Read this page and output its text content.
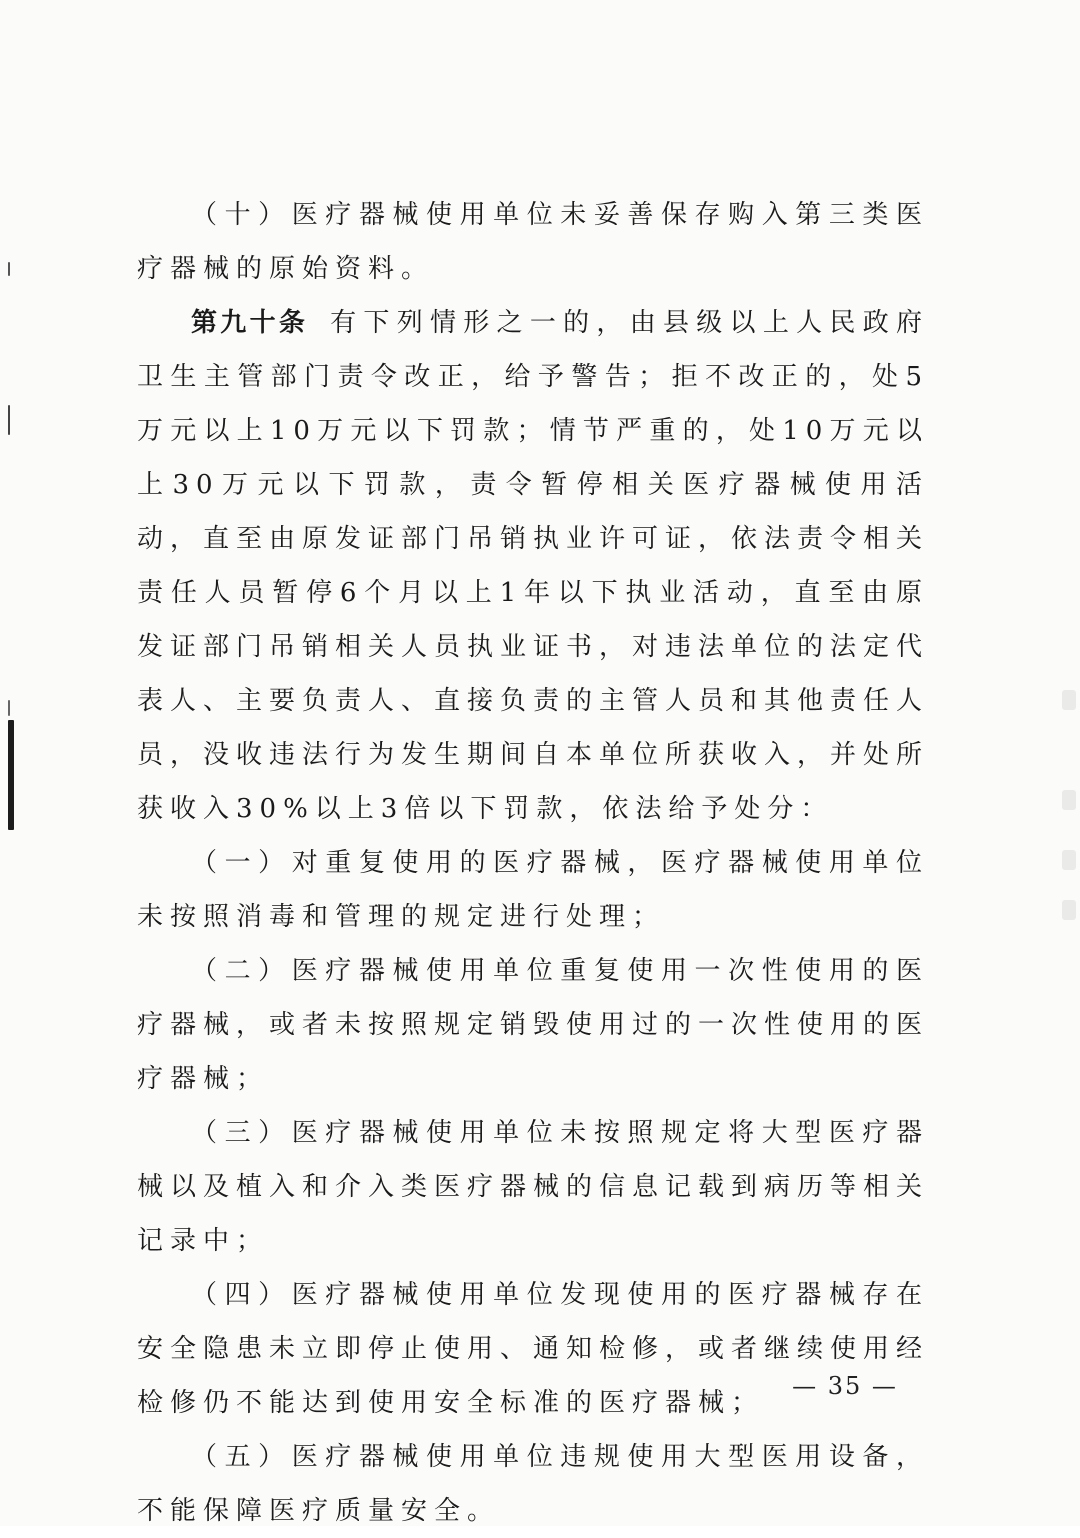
（十）医疗器械使用单位未妥善保存购入第三类医疗器械的原始资料。

第九十条 有下列情形之一的，由县级以上人民政府卫生主管部门责令改正，给予警告；拒不改正的，处5万元以上10万元以下罚款；情节严重的，处10万元以上30万元以下罚款，责令暂停相关医疗器械使用活动，直至由原发证部门吊销执业许可证，依法责令相关责任人员暂停6个月以上1年以下执业活动，直至由原发证部门吊销相关人员执业证书，对违法单位的法定代表人、主要负责人、直接负责的主管人员和其他责任人员，没收违法行为发生期间自本单位所获收入，并处所获收入30%以上3倍以下罚款，依法给予处分：

（一）对重复使用的医疗器械，医疗器械使用单位未按照消毒和管理的规定进行处理；

（二）医疗器械使用单位重复使用一次性使用的医疗器械，或者未按照规定销毁使用过的一次性使用的医疗器械；

（三）医疗器械使用单位未按照规定将大型医疗器械以及植入和介入类医疗器械的信息记载到病历等相关记录中；

（四）医疗器械使用单位发现使用的医疗器械存在安全隐患未立即停止使用、通知检修，或者继续使用经检修仍不能达到使用安全标准的医疗器械；

（五）医疗器械使用单位违规使用大型医用设备，不能保障医疗质量安全。

— 35 —
